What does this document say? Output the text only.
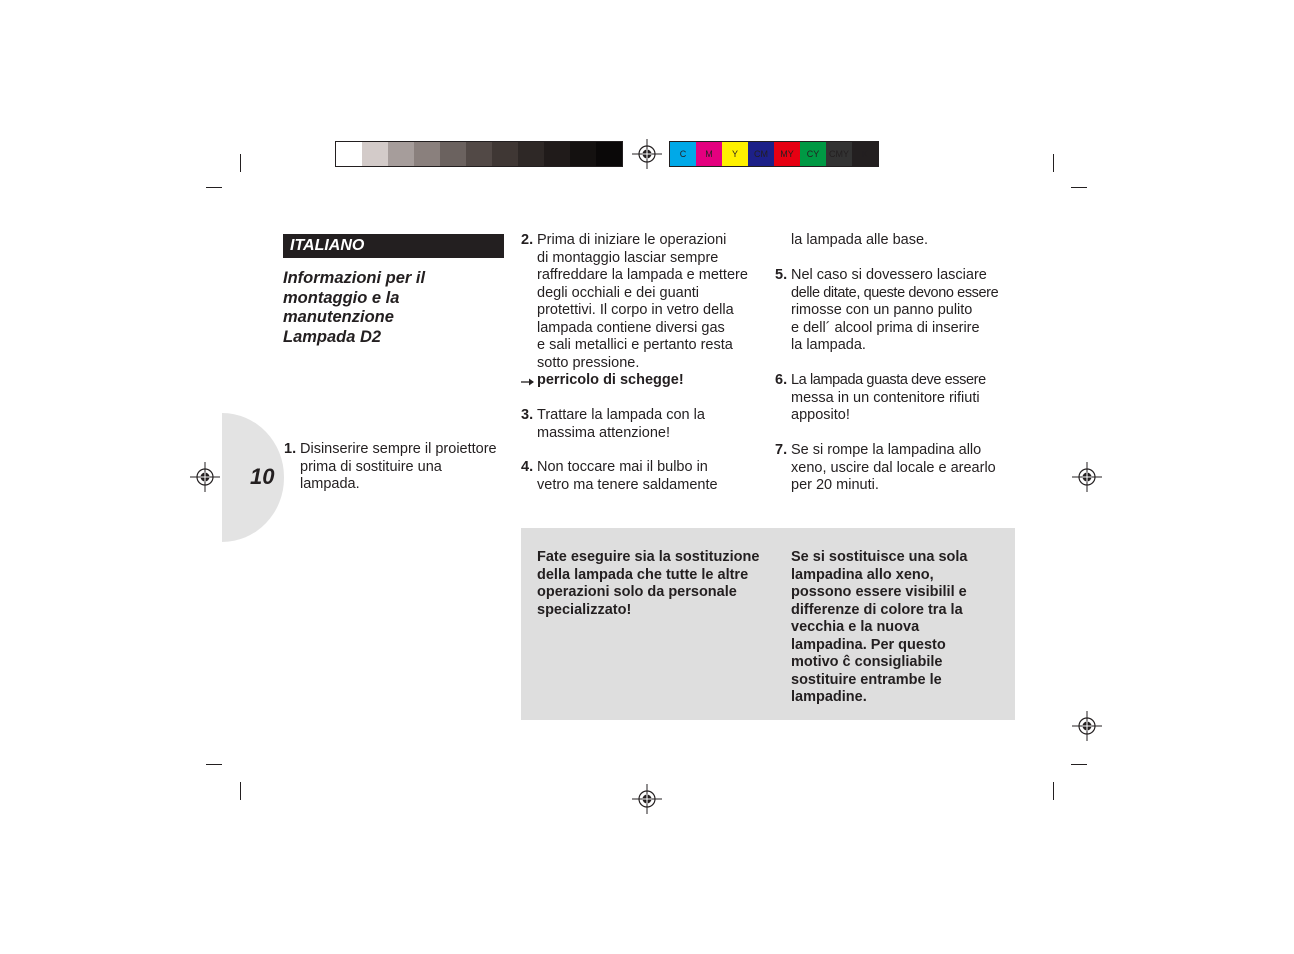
C	M	Y	CM	MY	CY	CMY	K
10
ITALIANO
Informazioni per il
montaggio e la
manutenzione
Lampada D2
1. Disinserire sempre il proiettore
prima di sostituire una
lampada.
2. Prima di iniziare le operazioni
di montaggio lasciar sempre
raffreddare la lampada e mettere
degli occhiali e dei guanti
protettivi. Il corpo in vetro della
lampada contiene diversi gas
e sali metallici e pertanto resta
sotto pressione.
perricolo di schegge!
3. Trattare la lampada con la
massima attenzione!
4. Non toccare mai il bulbo in
vetro ma tenere saldamente
la lampada alle base.
5. Nel caso si dovessero lasciare
delle ditate, queste devono essere
rimosse con un panno pulito
e dell´ alcool prima di inserire
la lampada.
6. La lampada guasta deve essere
messa in un contenitore rifiuti
apposito!
7. Se si rompe la lampadina allo
xeno, uscire dal locale e arearlo
per 20 minuti.
Fate eseguire sia la sostituzione
della lampada che tutte le altre
operazioni solo da personale
specializzato!
Se si sostituisce una sola
lampadina allo xeno,
possono essere visibilil e
differenze di colore tra la
vecchia e la nuova
lampadina. Per questo
motivo ĉ consigliabile
sostituire entrambe le
lampadine.
